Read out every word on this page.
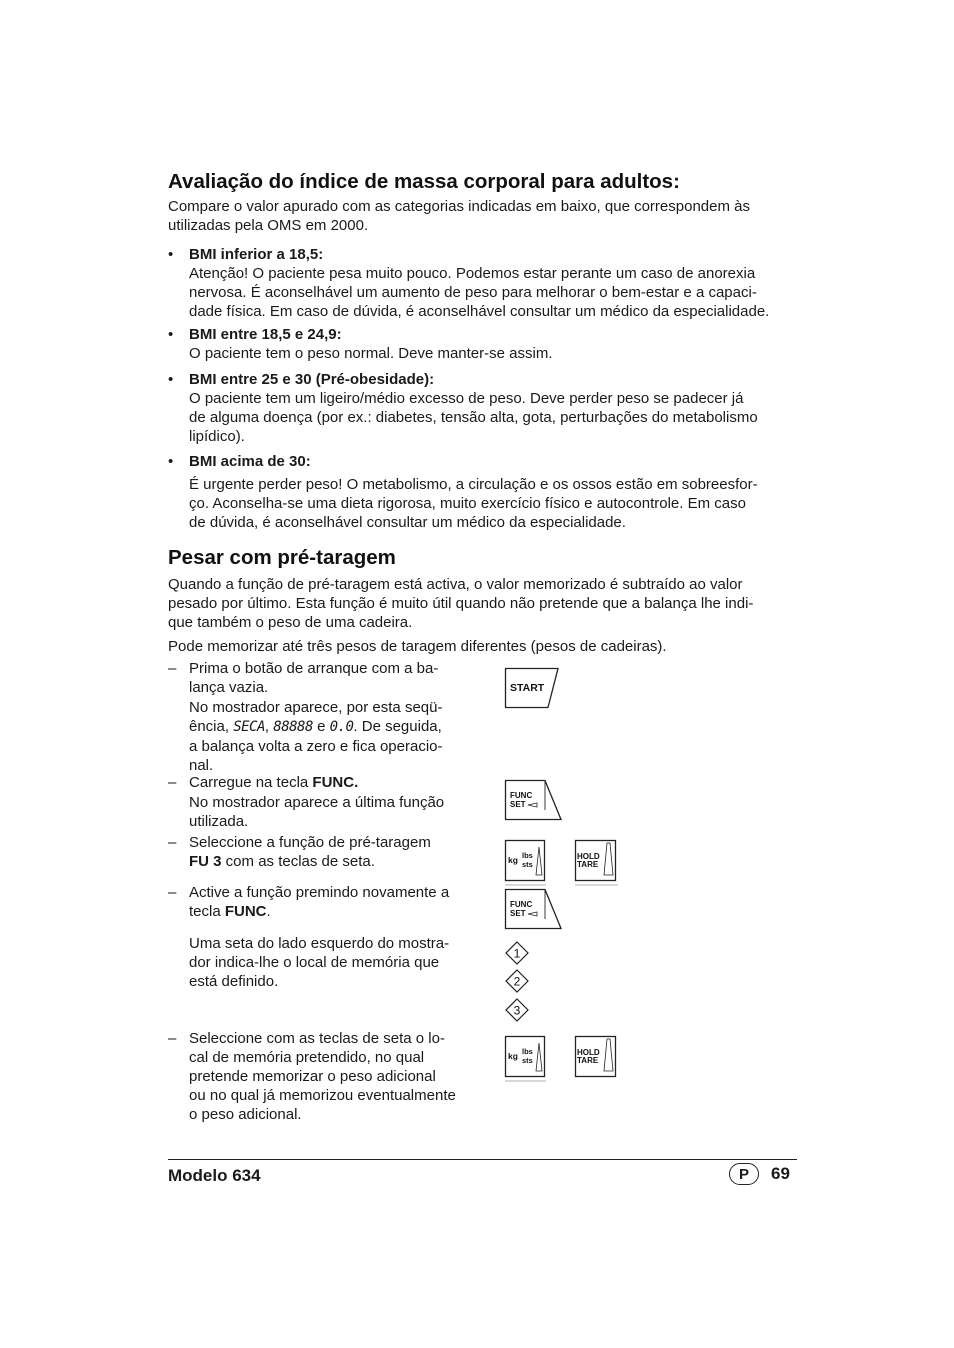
Avaliação do índice de massa corporal para adultos:
Compare o valor apurado com as categorias indicadas em baixo, que correspondem às
utilizadas pela OMS em 2000.
•	BMI inferior a 18,5:
Atenção! O paciente pesa muito pouco. Podemos estar perante um caso de anorexia
nervosa. É aconselhável um aumento de peso para melhorar o bem-estar e a capaci-
dade física. Em caso de dúvida, é aconselhável consultar um médico da especialidade.
•	BMI entre 18,5 e 24,9:
O paciente tem o peso normal. Deve manter-se assim.
•	BMI entre 25 e 30 (Pré-obesidade):
O paciente tem um ligeiro/médio excesso de peso. Deve perder peso se padecer já
de alguma doença (por ex.: diabetes, tensão alta, gota, perturbações do metabolismo
lipídico).
•	BMI acima de 30:
É urgente perder peso! O metabolismo, a circulação e os ossos estão em sobreesfor-
ço. Aconselha-se uma dieta rigorosa, muito exercício físico e autocontrole. Em caso
de dúvida, é aconselhável consultar um médico da especialidade.
Pesar com pré-taragem
Quando a função de pré-taragem está activa, o valor memorizado é subtraído ao valor
pesado por último. Esta função é muito útil quando não pretende que a balança lhe indi-
que também o peso de uma cadeira.
Pode memorizar até três pesos de taragem diferentes (pesos de cadeiras).
– Prima o botão de arranque com a ba-
lança vazia.
No mostrador aparece, por esta seqü-
ência, SECA, 88888 e 0.0. De seguida,
a balança volta a zero e fica operacio-
nal.
– Carregue na tecla FUNC.
No mostrador aparece a última função
utilizada.
– Seleccione a função de pré-taragem
FU 3 com as teclas de seta.
– Active a função premindo novamente a
tecla FUNC.
Uma seta do lado esquerdo do mostra-
dor indica-lhe o local de memória que
está definido.
– Seleccione com as teclas de seta o lo-
cal de memória pretendido, no qual
pretende memorizar o peso adicional
ou no qual já memorizou eventualmente
o peso adicional.
START
FUNC
SET
kg lbs
sts
HOLD
TARE
FUNC
SET
1
2
3
kg lbs
sts
HOLD
TARE
Modelo 634	P	69
